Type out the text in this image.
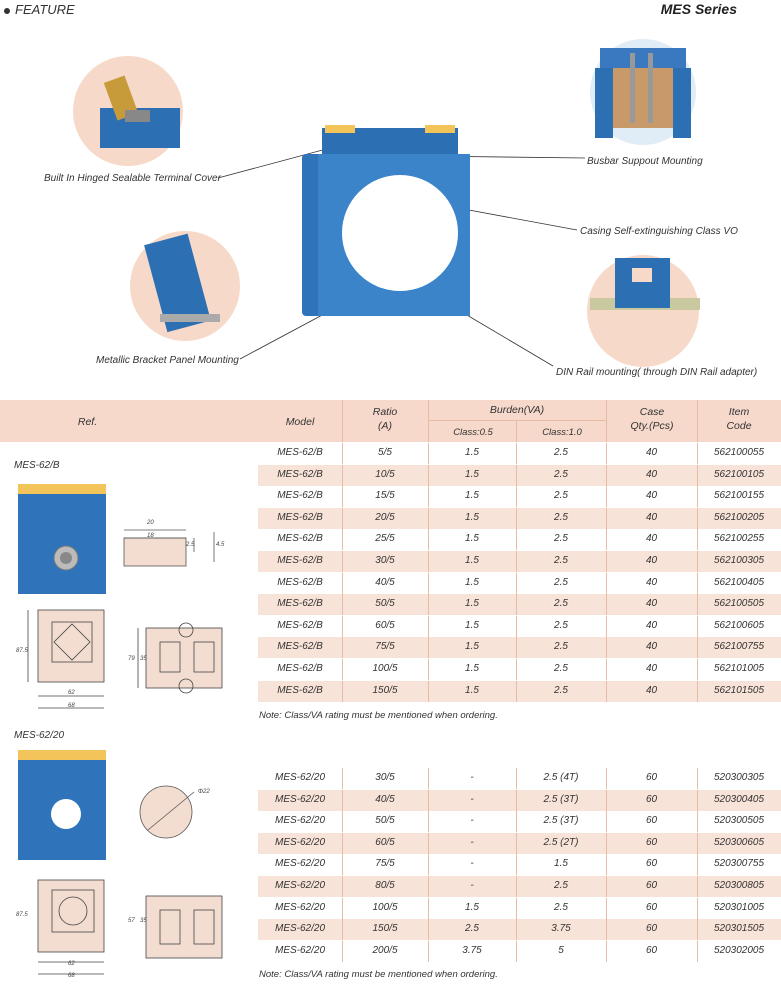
FEATURE	MES Series
Built In Hinged Sealable Terminal Cover
Busbar Suppout Mounting
Casing Self-extinguishing Class VO
Metallic Bracket Panel Mounting
DIN Rail mounting( through DIN Rail adapter)
Ref.	Model
Ratio
(A)
Burden(VA)
Class:0.5	Class:1.0
Case
Qty.(Pcs)
Item
Code
MES-62/B
MES-62/20
MES-62/B	5/5	1.5	2.5	40	562100055
MES-62/B	10/5	1.5	2.5	40	562100105
MES-62/B	15/5	1.5	2.5	40	562100155
MES-62/B	20/5	1.5	2.5	40	562100205
MES-62/B	25/5	1.5	2.5	40	562100255
MES-62/B	30/5	1.5	2.5	40	562100305
MES-62/B	40/5	1.5	2.5	40	562100405
MES-62/B	50/5	1.5	2.5	40	562100505
MES-62/B	60/5	1.5	2.5	40	562100605
MES-62/B	75/5	1.5	2.5	40	562100755
MES-62/B	100/5	1.5	2.5	40	562101005
MES-62/B	150/5	1.5	2.5	40	562101505
MES-62/20	30/5	-	2.5 (4T)	60	520300305
MES-62/20	40/5	-	2.5 (3T)	60	520300405
MES-62/20	50/5	-	2.5 (3T)	60	520300505
MES-62/20	60/5	-	2.5 (2T)	60	520300605
MES-62/20	75/5	-	1.5	60	520300755
MES-62/20	80/5	-	2.5	60	520300805
MES-62/20	100/5	1.5	2.5	60	520301005
MES-62/20	150/5	2.5	3.75	60	520301505
MES-62/20	200/5	3.75	5	60	520302005
Note: Class/VA rating must be mentioned when ordering.
Note: Class/VA rating must be mentioned when ordering.
20
18
2.5	4.5
87.5
62
68
79 35
Φ22
87.5
62
68
57 35
